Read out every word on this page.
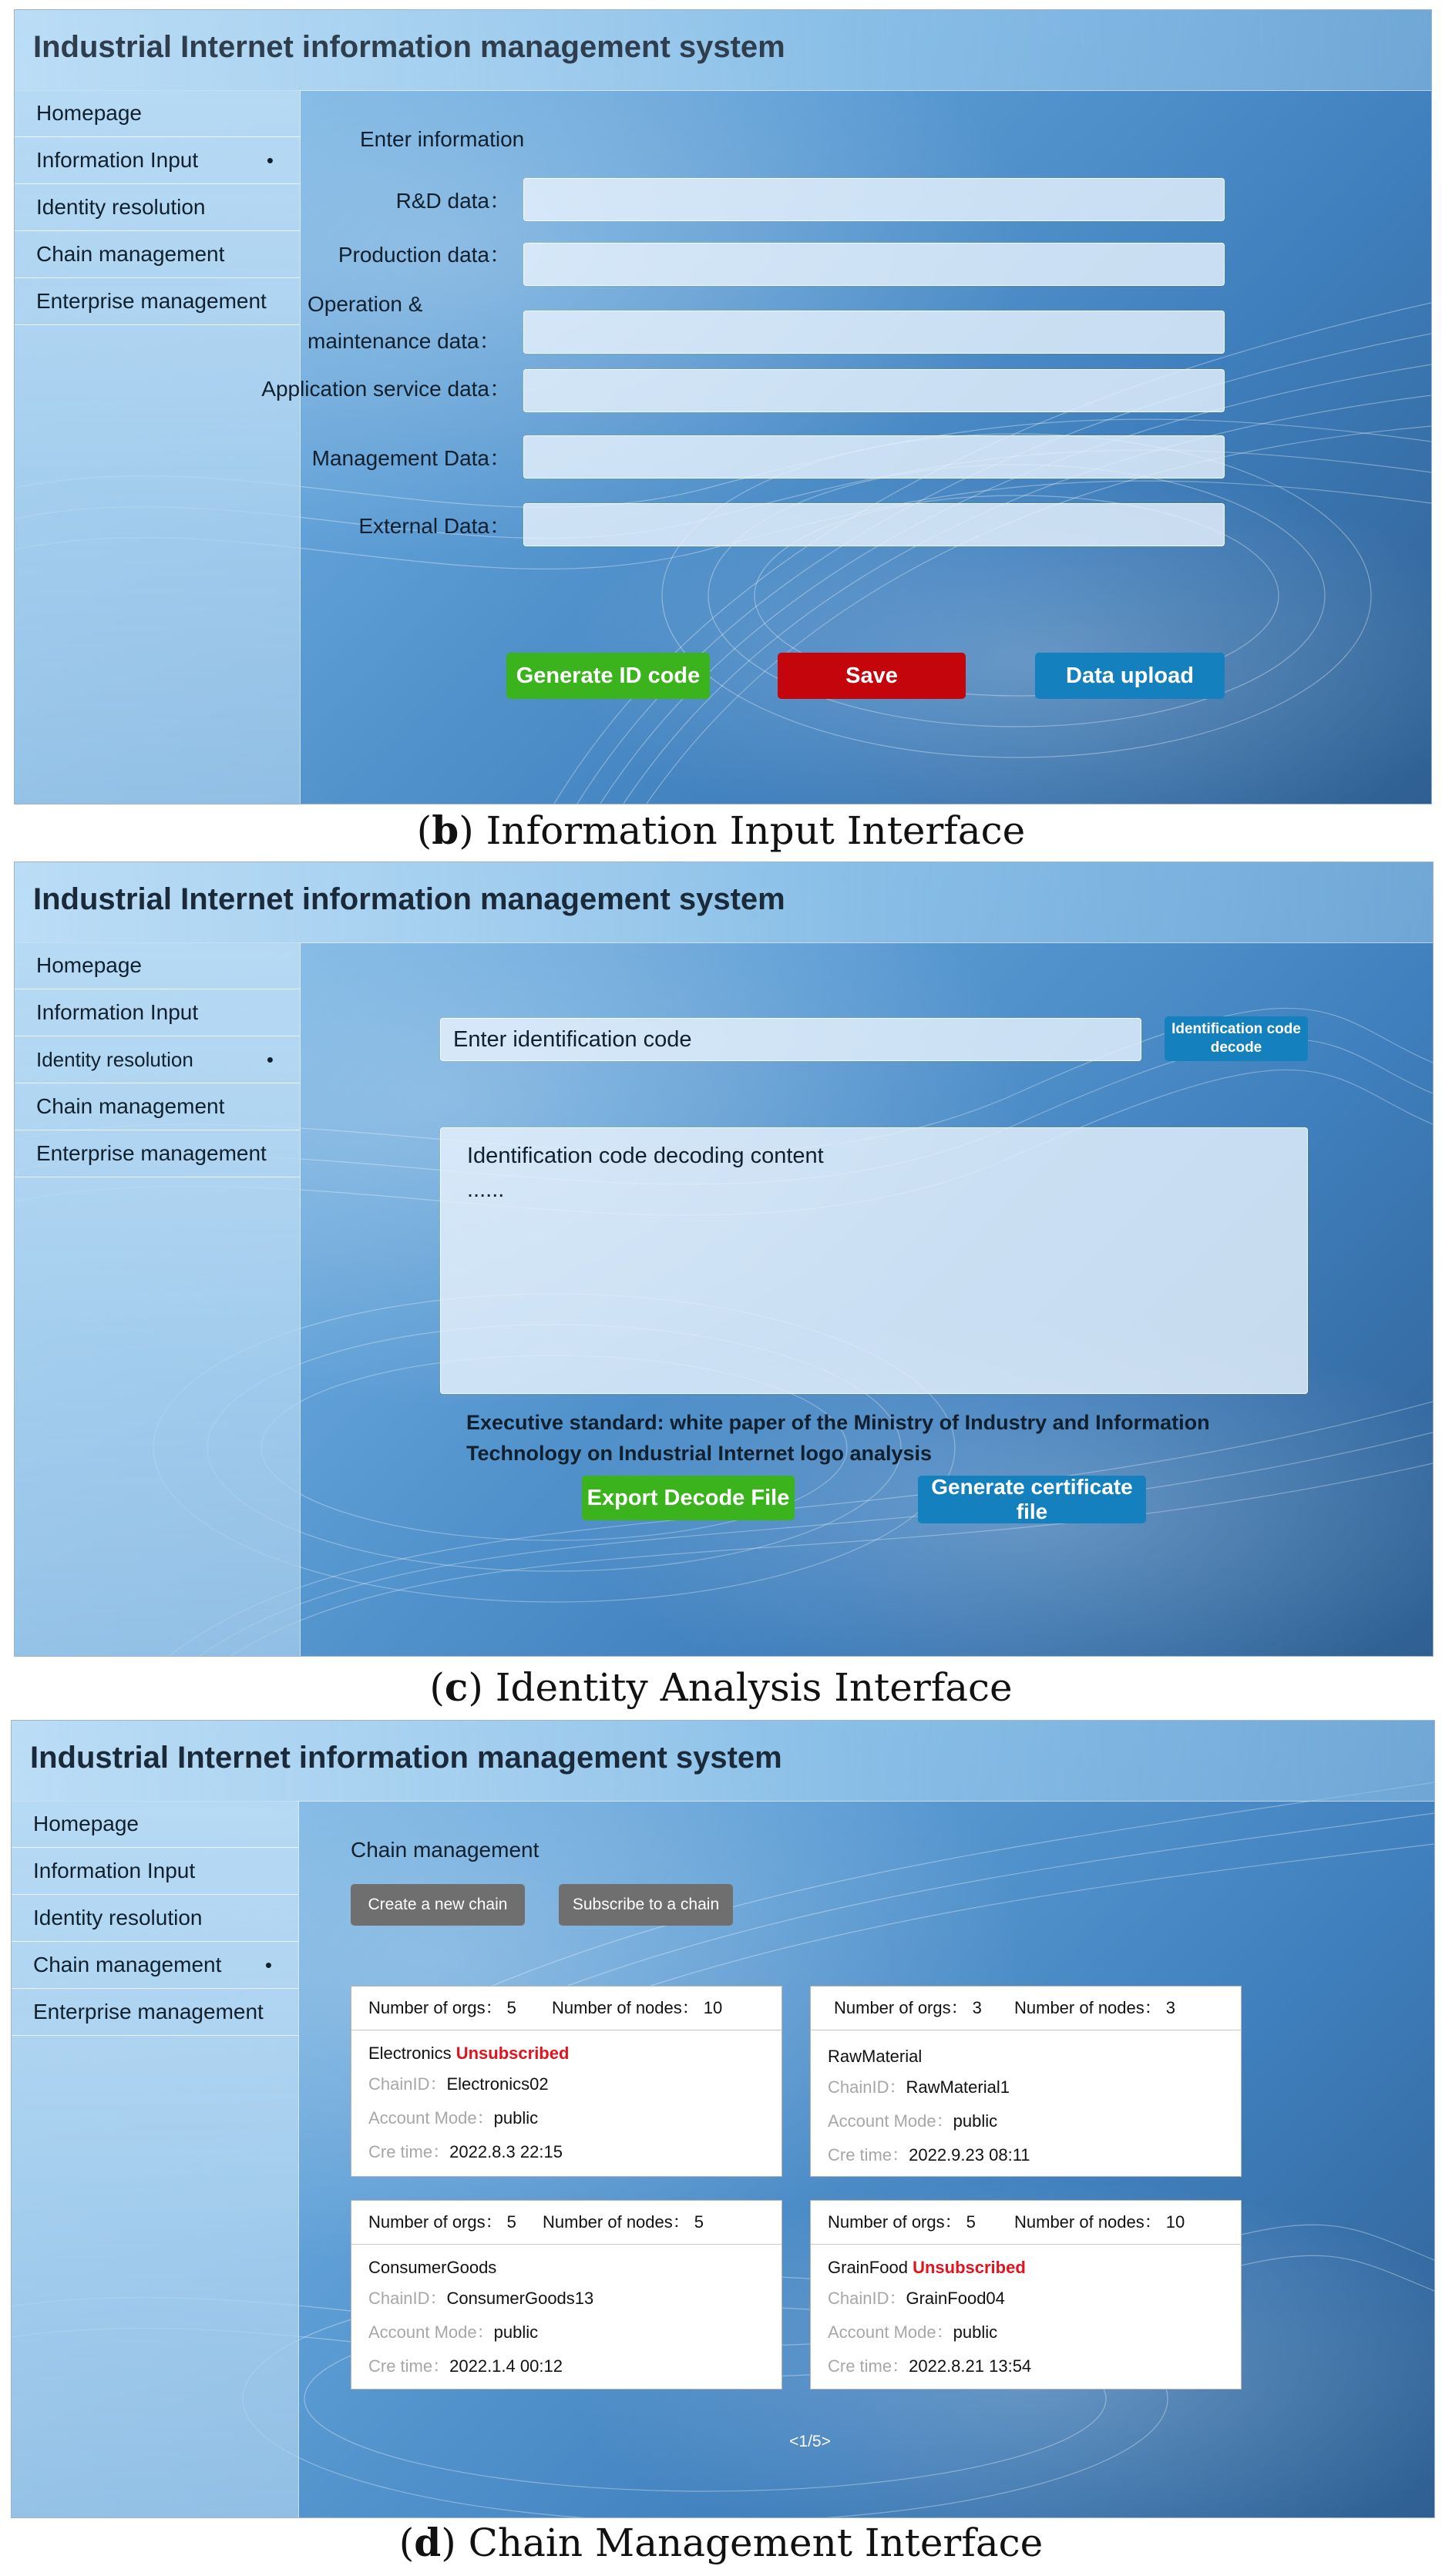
Industrial Internet information management system
Homepage
Information Input •
Identity resolution
Chain management
Enterprise management
Enter information
R&D data：
Production data：
Operation &
maintenance data：
Application service data：
Management Data：
External Data：
Generate ID code	Save	Data upload
(b) Information Input Interface
Industrial Internet information management system
Homepage
Information Input
Identity resolution •
Chain management
Enterprise management
Enter identification code	Identification code
decode
Identification code decoding content
......
Executive standard: white paper of the Ministry of Industry and Information
Technology on Industrial Internet logo analysis
Export Decode File	Generate certificate
file
(c) Identity Analysis Interface
Industrial Internet information management system
Homepage
Information Input
Identity resolution
Chain management •
Enterprise management
Chain management
Create a new chain	Subscribe to a chain
Number of orgs： 5 Number of nodes： 10
Electronics Unsubscribed
ChainID：Electronics02
Account Mode：public
Cre time：2022.8.3 22:15
Number of orgs： 3 Number of nodes： 3
RawMaterial
ChainID：RawMaterial1
Account Mode：public
Cre time：2022.9.23 08:11
Number of orgs： 5 Number of nodes： 5
ConsumerGoods
ChainID：ConsumerGoods13
Account Mode：public
Cre time：2022.1.4 00:12
Number of orgs： 5 Number of nodes： 10
GrainFood Unsubscribed
ChainID：GrainFood04
Account Mode：public
Cre time：2022.8.21 13:54
<1/5>
(d) Chain Management Interface
